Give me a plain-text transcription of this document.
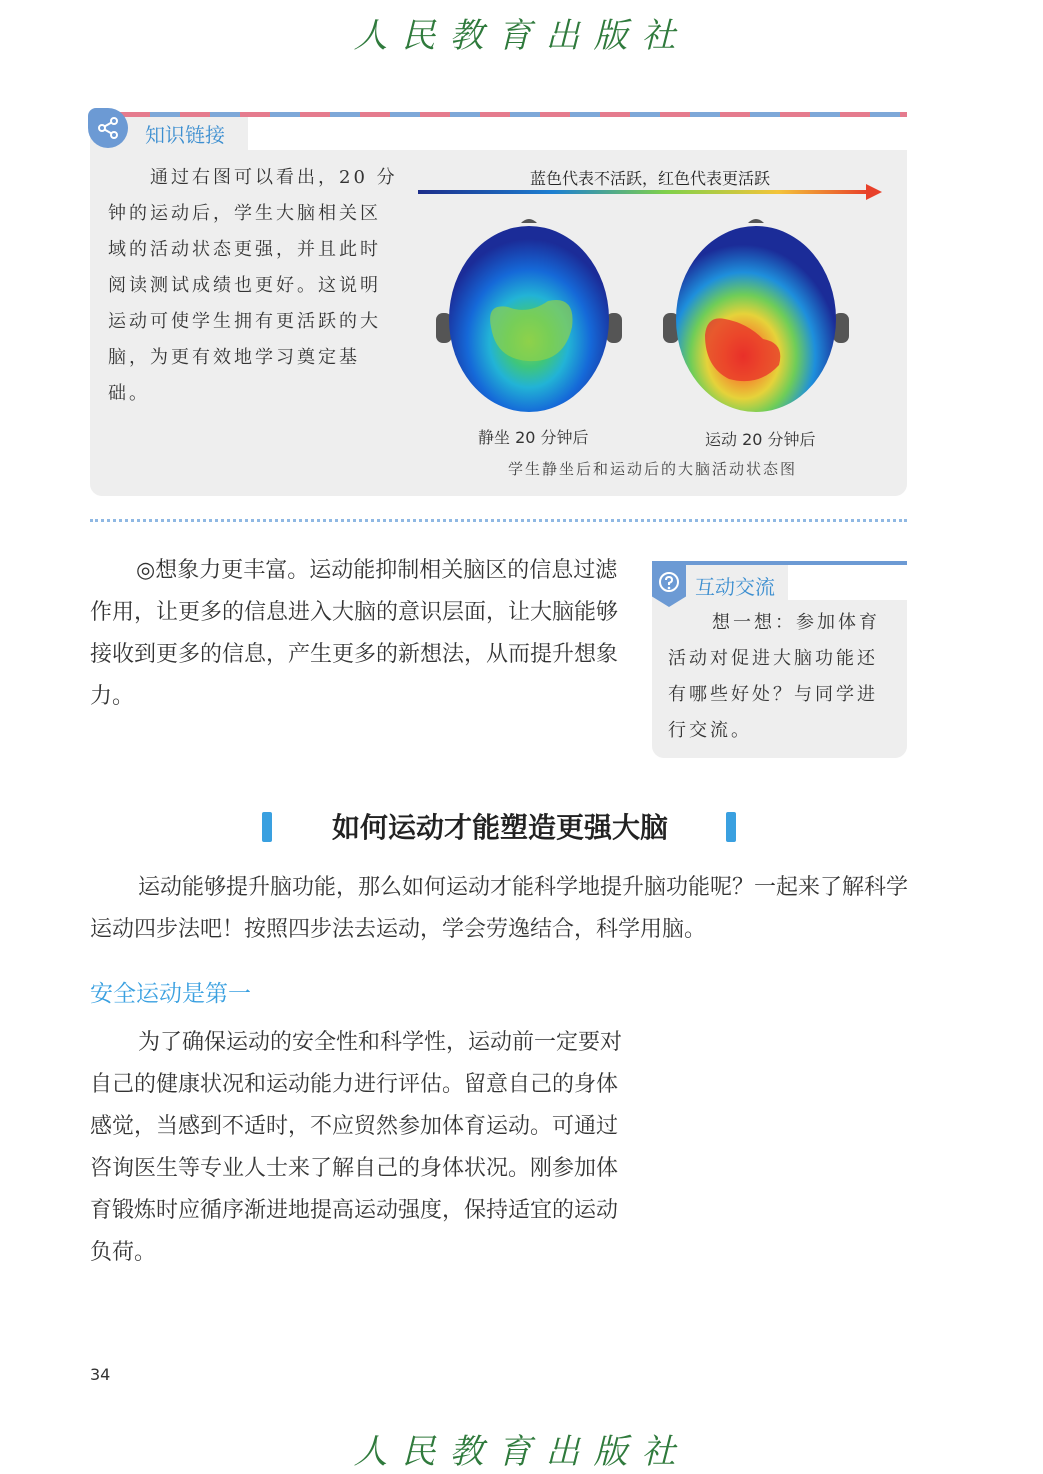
人民教育出版社
知识链接

通过右图可以看出，20 分钟的运动后，学生大脑相关区域的活动状态更强，并且此时阅读测试成绩也更好。这说明运动可使学生拥有更活跃的大脑，为更有效地学习奠定基础。

蓝色代表不活跃，红色代表更活跃
静坐 20 分钟后	运动 20 分钟后
学生静坐后和运动后的大脑活动状态图

◎想象力更丰富。运动能抑制相关脑区的信息过滤作用，让更多的信息进入大脑的意识层面，让大脑能够接收到更多的信息，产生更多的新想法，从而提升想象力。

互动交流

想一想：参加体育活动对促进大脑功能还有哪些好处？与同学进行交流。

如何运动才能塑造更强大脑

运动能够提升脑功能，那么如何运动才能科学地提升脑功能呢？一起来了解科学运动四步法吧！按照四步法去运动，学会劳逸结合，科学用脑。

安全运动是第一

为了确保运动的安全性和科学性，运动前一定要对自己的健康状况和运动能力进行评估。留意自己的身体感觉，当感到不适时，不应贸然参加体育运动。可通过咨询医生等专业人士来了解自己的身体状况。刚参加体育锻炼时应循序渐进地提高运动强度，保持适宜的运动负荷。

34
人民教育出版社
